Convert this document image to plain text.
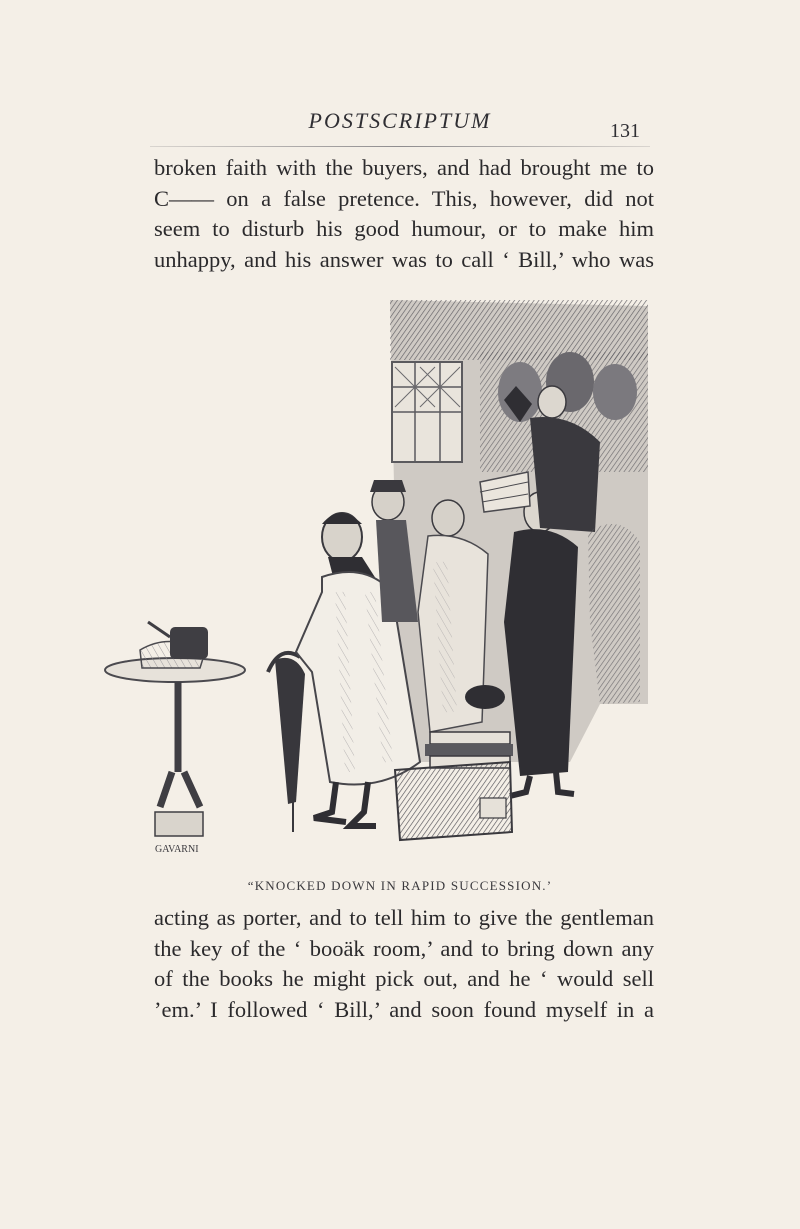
POSTSCRIPTUM	131
broken faith with the buyers, and had brought me to
C—— on a false pretence. This, however, did not
seem to disturb his good humour, or to make him
unhappy, and his answer was to call ‘ Bill,’ who was
GAVARNI
“KNOCKED DOWN IN RAPID SUCCESSION.’
acting as porter, and to tell him to give the gentleman
the key of the ‘ booäk room,’ and to bring down any
of the books he might pick out, and he ‘ would sell
’em.’ I followed ‘ Bill,’ and soon found myself in a
